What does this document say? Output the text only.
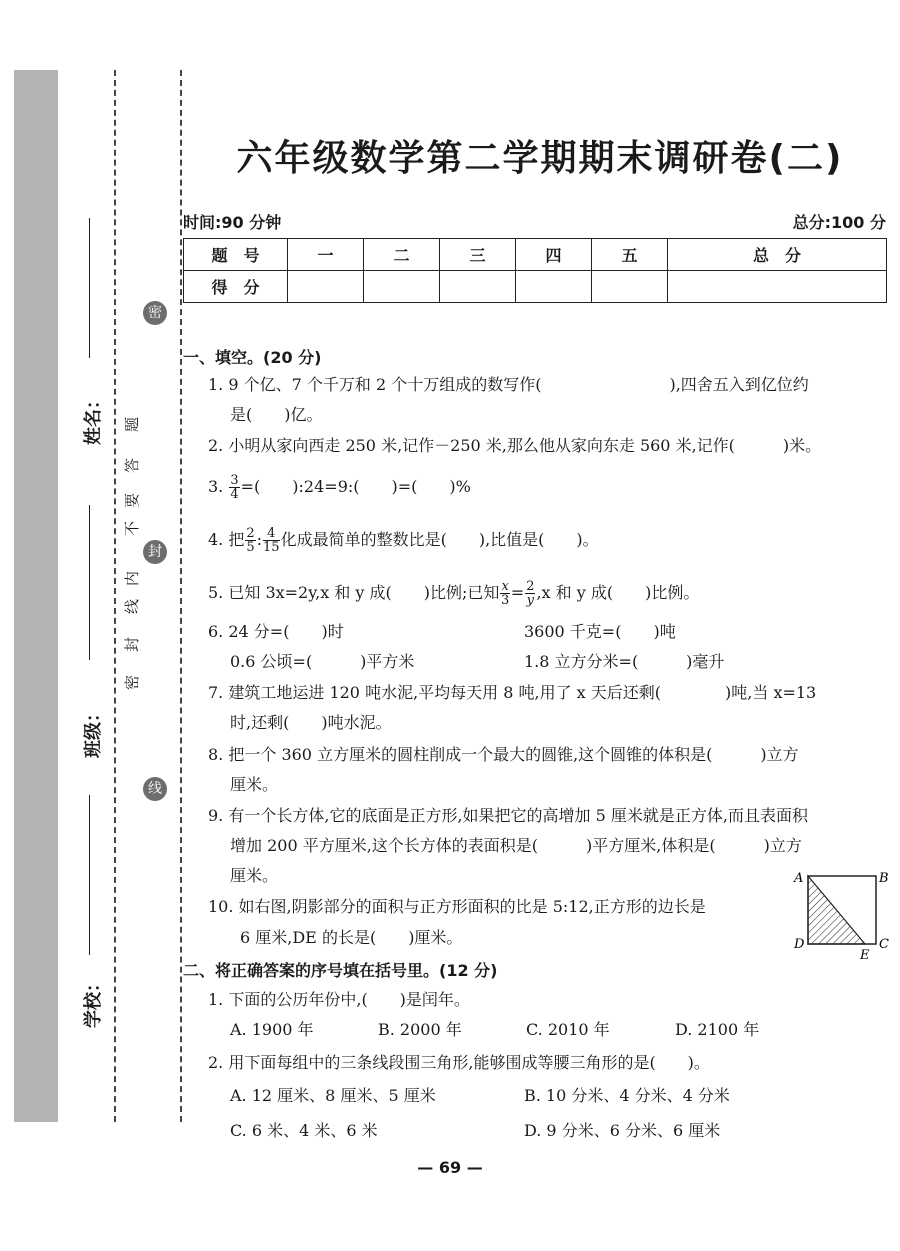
姓名：
班级：
学校：
密
封
线
密
封
线
内
不
要
答
题
六年级数学第二学期期末调研卷(二)
时间:90 分钟	总分:100 分
题　号	一	二	三	四	五	总　分
得　分						
一、填空。(20 分)
1. 9 个亿、7 个千万和 2 个十万组成的数写作(　　　　　　　　),四舍五入到亿位约
是(　　)亿。
2. 小明从家向西走 250 米,记作－250 米,那么他从家向东走 560 米,记作(　　　)米。
3. $\frac{3}{4}$ =(　　):24=9:(　　)=(　　)%
4. 把 $\frac{2}{5}$ : $\frac{4}{15}$ 化成最简单的整数比是(　　),比值是(　　)。
5. 已知 3x=2y,x 和 y 成(　　)比例;已知 $\frac{x}{3} = \frac{2}{y} ,x$ 和 y 成(　　)比例。
6. 24 分=(　　)时	3600 千克=(　　)吨
0.6 公顷=(　　　)平方米	1.8 立方分米=(　　　)毫升
7. 建筑工地运进 120 吨水泥,平均每天用 8 吨,用了 x 天后还剩(　　　　)吨,当 x=13
时,还剩(　　)吨水泥。
8. 把一个 360 立方厘米的圆柱削成一个最大的圆锥,这个圆锥的体积是(　　　)立方
厘米。
9. 有一个长方体,它的底面是正方形,如果把它的高增加 5 厘米就是正方体,而且表面积
增加 200 平方厘米,这个长方体的表面积是(　　　)平方厘米,体积是(　　　)立方
厘米。
10. 如右图,阴影部分的面积与正方形面积的比是 5:12,正方形的边长是
6 厘米,DE 的长是(　　)厘米。
A	B
D	C
E
二、将正确答案的序号填在括号里。(12 分)
1. 下面的公历年份中,(　　)是闰年。
A. 1900 年	B. 2000 年	C. 2010 年	D. 2100 年
2. 用下面每组中的三条线段围三角形,能够围成等腰三角形的是(　　)。
A. 12 厘米、8 厘米、5 厘米	B. 10 分米、4 分米、4 分米
C. 6 米、4 米、6 米	D. 9 分米、6 分米、6 厘米
— 69 —
